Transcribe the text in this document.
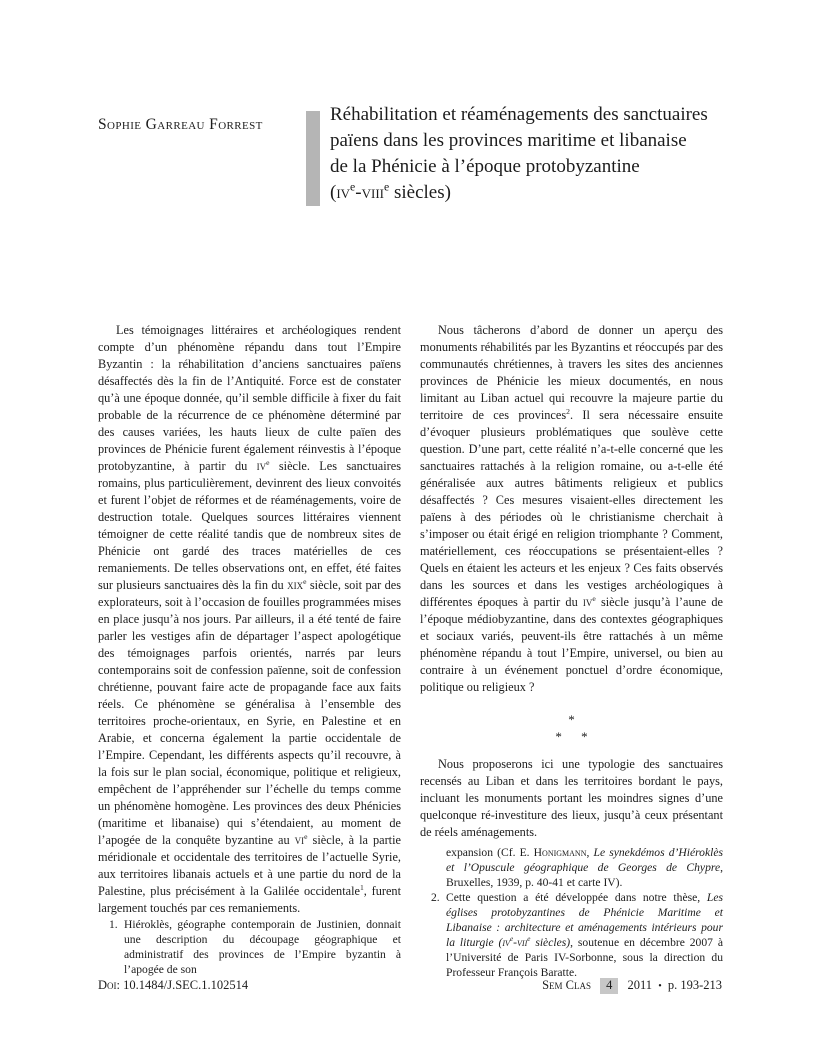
Sophie Garreau Forrest	Réhabilitation et réaménagements des sanctuaires
païens dans les provinces maritime et libanaise
de la Phénicie à l’époque protobyzantine
($iv^e-viii^e$ siècles)

Les témoignages littéraires et archéologiques rendent compte d’un phénomène répandu dans tout l’Empire Byzantin : la réhabilitation d’anciens sanctuaires païens désaffectés dès la fin de l’Antiquité. Force est de constater qu’à une époque donnée, qu’il semble difficile à fixer du fait probable de la récurrence de ce phénomène déterminé par des causes variées, les hauts lieux de culte païen des provinces de Phénicie furent également réinvestis à l’époque protobyzantine, à partir du $iv^e$ siècle. Les sanctuaires romains, plus particulièrement, devinrent des lieux convoités et furent l’objet de réformes et de réaménagements, voire de destruction totale. Quelques sources littéraires viennent témoigner de cette réalité tandis que de nombreux sites de Phénicie ont gardé des traces matérielles de ces remaniements. De telles observations ont, en effet, été faites sur plusieurs sanctuaires dès la fin du xix$^e$ siècle, soit par des explorateurs, soit à l’occasion de fouilles programmées mises en place jusqu’à nos jours. Par ailleurs, il a été tenté de faire parler les vestiges afin de départager l’aspect apologétique des témoignages parfois orientés, narrés par leurs contemporains soit de confession païenne, soit de confession chrétienne, pouvant faire acte de propagande face aux faits réels. Ce phénomène se généralisa à l’ensemble des territoires proche-orientaux, en Syrie, en Palestine et en Arabie, et concerna également la partie occidentale de l’Empire. Cependant, les différents aspects qu’il recouvre, à la fois sur le plan social, économique, politique et religieux, empêchent de l’appréhender sur l’échelle du temps comme un phénomène homogène. Les provinces des deux Phénicies (maritime et libanaise) qui s’étendaient, au moment de l’apogée de la conquête byzantine au $vi^e$ siècle, à la partie méridionale et occidentale des territoires de l’actuelle Syrie, aux territoires libanais actuels et à une partie du nord de la Palestine, plus précisément à la Galilée occidentale$^1$, furent largement touchés par ces remaniements.

1. Hiéroklès, géographe contemporain de Justinien, donnait une description du découpage géographique et administratif des provinces de l’Empire byzantin à l’apogée de son

Nous tâcherons d’abord de donner un aperçu des monuments réhabilités par les Byzantins et réoccupés par des communautés chrétiennes, à travers les sites des anciennes provinces de Phénicie les mieux documentés, en nous limitant au Liban actuel qui recouvre la majeure partie du territoire de ces provinces$^2$. Il sera nécessaire ensuite d’évoquer plusieurs problématiques que soulève cette question. D’une part, cette réalité n’a-t-elle concerné que les sanctuaires rattachés à la religion romaine, ou a-t-elle été généralisée aux autres bâtiments religieux et publics désaffectés ? Ces mesures visaient-elles directement les païens à des périodes où le christianisme cherchait à s’imposer ou était érigé en religion triomphante ? Comment, matériellement, ces réoccupations se présentaient-elles ? Quels en étaient les acteurs et les enjeux ? Ces faits observés dans les sources et dans les vestiges archéologiques à différentes époques à partir du $iv^e$ siècle jusqu’à l’aune de l’époque médiobyzantine, dans des contextes géographiques et sociaux variés, peuvent-ils être rattachés à un même phénomène répandu à tout l’Empire, universel, ou bien au contraire à un événement ponctuel d’ordre économique, politique ou religieux ?

*
* *

Nous proposerons ici une typologie des sanctuaires recensés au Liban et dans les territoires bordant le pays, incluant les monuments portant les moindres signes d’une quelconque ré-investiture des lieux, jusqu’à ceux présentant de réels aménagements.

expansion (Cf. E. Honigmann, Le synekdémos d’Hiéroklès et l’Opuscule géographique de Georges de Chypre, Bruxelles, 1939, p. 40-41 et carte IV).
2. Cette question a été développée dans notre thèse, Les églises protobyzantines de Phénicie Maritime et Libanaise : architecture et aménagements intérieurs pour la liturgie ($iv^e-vii^e$ siècles), soutenue en décembre 2007 à l’Université de Paris IV-Sorbonne, sous la direction du Professeur François Baratte.
Doi: 10.1484/J.SEC.1.102514	Sem Clas 4 2011 • p. 193-213
